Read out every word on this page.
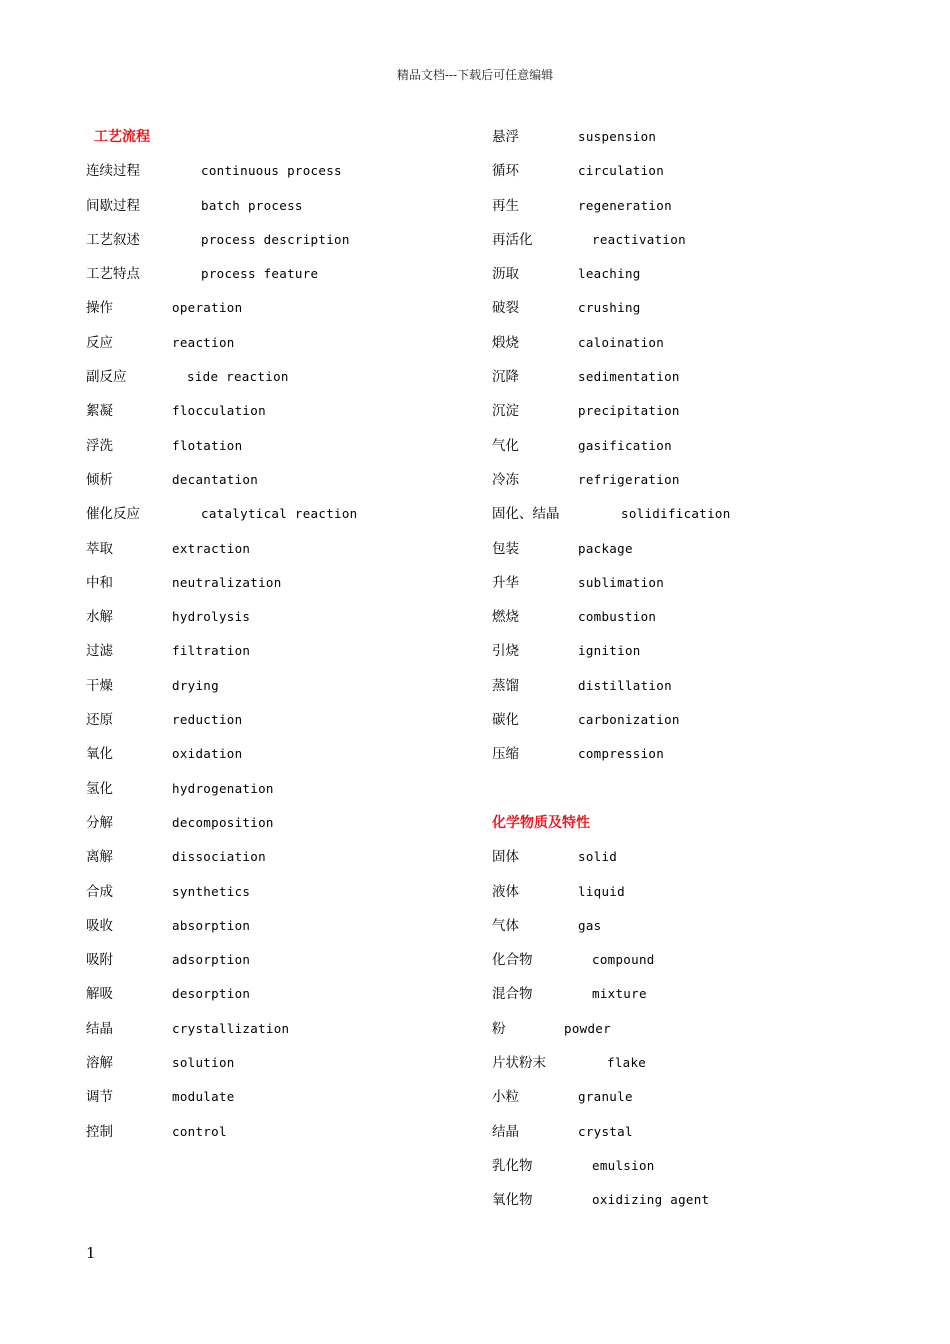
精品文档---下载后可任意编辑
工艺流程
连续过程	continuous process
间歇过程	batch process
工艺叙述	process description
工艺特点	process feature
操作	operation
反应	reaction
副反应	side reaction
絮凝	flocculation
浮洗	flotation
倾析	decantation
催化反应	catalytical reaction
萃取	extraction
中和	neutralization
水解	hydrolysis
过滤	filtration
干燥	drying
还原	reduction
氧化	oxidation
氢化	hydrogenation
分解	decomposition
离解	dissociation
合成	synthetics
吸收	absorption
吸附	adsorption
解吸	desorption
结晶	crystallization
溶解	solution
调节	modulate
控制	control
悬浮	suspension
循环	circulation
再生	regeneration
再活化	reactivation
沥取	leaching
破裂	crushing
煅烧	caloination
沉降	sedimentation
沉淀	precipitation
气化	gasification
冷冻	refrigeration
固化、结晶	solidification
包装	package
升华	sublimation
燃烧	combustion
引烧	ignition
蒸馏	distillation
碳化	carbonization
压缩	compression
化学物质及特性
固体	solid
液体	liquid
气体	gas
化合物	compound
混合物	mixture
粉	powder
片状粉末	flake
小粒	granule
结晶	crystal
乳化物	emulsion
氧化物	oxidizing agent
1
